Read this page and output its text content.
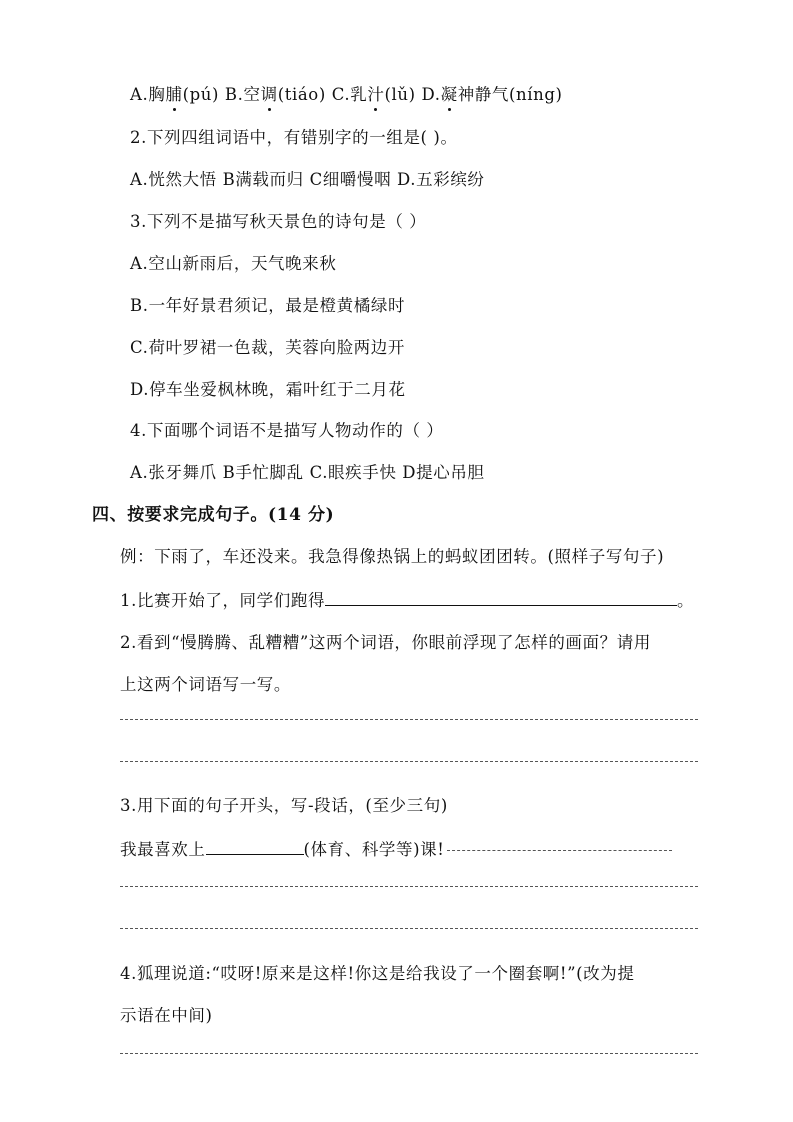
A.胸脯(pú) B.空调(tiáo) C.乳汁(lǔ) D.凝神静气(níng)
2.下列四组词语中，有错别字的一组是( )。
A.恍然大悟 B满载而归 C细嚼慢咽 D.五彩缤纷
3.下列不是描写秋天景色的诗句是（ ）
A.空山新雨后，天气晚来秋
B.一年好景君须记，最是橙黄橘绿时
C.荷叶罗裙一色裁，芙蓉向脸两边开
D.停车坐爱枫林晚，霜叶红于二月花
4.下面哪个词语不是描写人物动作的（ ）
A.张牙舞爪 B手忙脚乱 C.眼疾手快 D提心吊胆
四、按要求完成句子。(14 分)
例：下雨了，车还没来。我急得像热锅上的蚂蚁团团转。(照样子写句子)
1.比赛开始了，同学们跑得	。
2.看到“慢腾腾、乱糟糟”这两个词语，你眼前浮现了怎样的画面？请用
上这两个词语写一写。
3.用下面的句子开头，写-段话，(至少三句)
我最喜欢上	(体育、科学等)课!
4.狐理说道:“哎呀!原来是这样!你这是给我设了一个圈套啊!”(改为提
示语在中间)
